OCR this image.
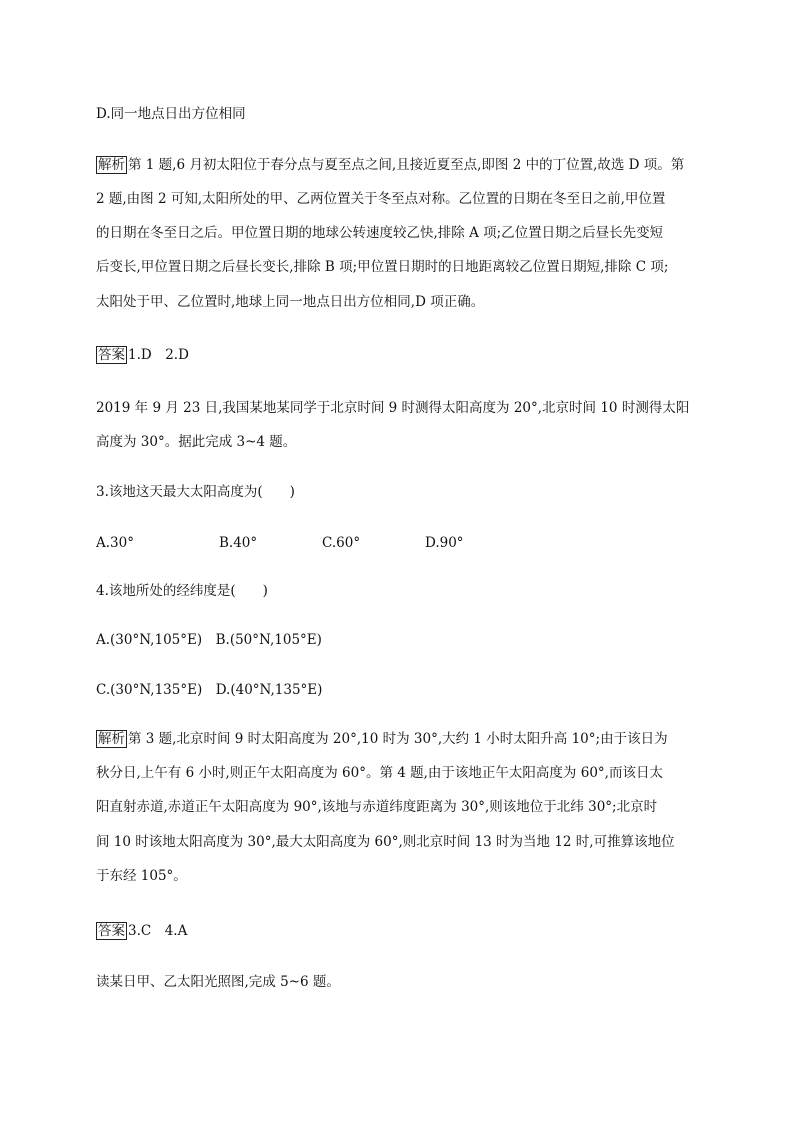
D.同一地点日出方位相同
解析 第 1 题,6 月初太阳位于春分点与夏至点之间,且接近夏至点,即图 2 中的丁位置,故选 D 项。第
2 题,由图 2 可知,太阳所处的甲、乙两位置关于冬至点对称。乙位置的日期在冬至日之前,甲位置
的日期在冬至日之后。甲位置日期的地球公转速度较乙快,排除 A 项;乙位置日期之后昼长先变短
后变长,甲位置日期之后昼长变长,排除 B 项;甲位置日期时的日地距离较乙位置日期短,排除 C 项;
太阳处于甲、乙位置时,地球上同一地点日出方位相同,D 项正确。
答案 1.D　2.D
2019 年 9 月 23 日,我国某地某同学于北京时间 9 时测得太阳高度为 20°,北京时间 10 时测得太阳
高度为 30°。据此完成 3~4 题。
3.该地这天最大太阳高度为(　　)
A.30°	B.40°	C.60°	D.90°
4.该地所处的经纬度是(　　)
A.(30°N,105°E)　B.(50°N,105°E)
C.(30°N,135°E)　D.(40°N,135°E)
解析 第 3 题,北京时间 9 时太阳高度为 20°,10 时为 30°,大约 1 小时太阳升高 10°;由于该日为
秋分日,上午有 6 小时,则正午太阳高度为 60°。第 4 题,由于该地正午太阳高度为 60°,而该日太
阳直射赤道,赤道正午太阳高度为 90°,该地与赤道纬度距离为 30°,则该地位于北纬 30°;北京时
间 10 时该地太阳高度为 30°,最大太阳高度为 60°,则北京时间 13 时为当地 12 时,可推算该地位
于东经 105°。
答案 3.C　4.A
读某日甲、乙太阳光照图,完成 5~6 题。
